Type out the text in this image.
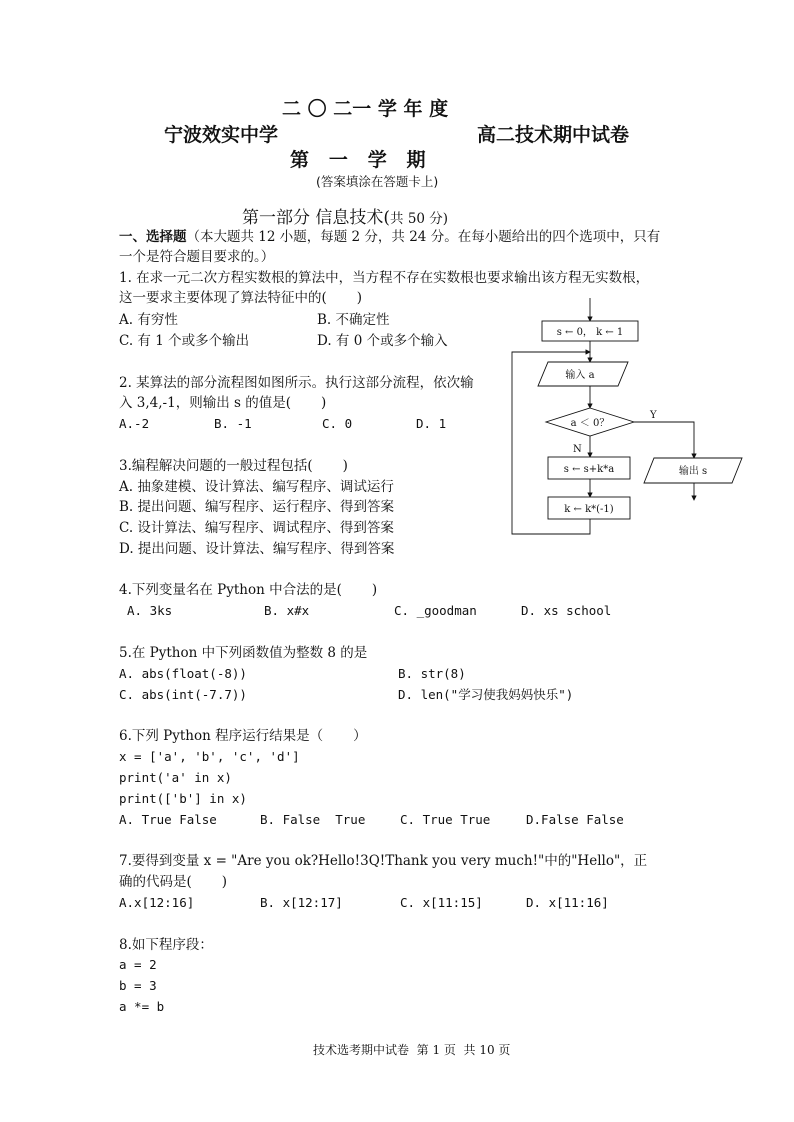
二 〇 二一 学 年 度
宁波效实中学	高二技术期中试卷
第   一   学   期
(答案填涂在答题卡上)
第一部分 信息技术(共 50 分)
一、选择题（本大题共 12 小题，每题 2 分，共 24 分。在每小题给出的四个选项中，只有
一个是符合题目要求的。）
1. 在求一元二次方程实数根的算法中，当方程不存在实数根也要求输出该方程无实数根，
这一要求主要体现了算法特征中的(       )
A. 有穷性	B. 不确定性
C. 有 1 个或多个输出	D. 有 0 个或多个输入
2. 某算法的部分流程图如图所示。执行这部分流程，依次输
入 3,4,-1，则输出 s 的值是(       )
A.-2	B. -1	C. 0	D. 1
s ← 0， k ← 1
输入 a
a ＜ 0？
Y
N
s ← s+k*a
k ← k*(-1)
输出 s
3.编程解决问题的一般过程包括(       )
A. 抽象建模、设计算法、编写程序、调试运行
B. 提出问题、编写程序、运行程序、得到答案
C. 设计算法、编写程序、调试程序、得到答案
D. 提出问题、设计算法、编写程序、得到答案
4.下列变量名在 Python 中合法的是(       )
A. 3ks	B. x#x	C. _goodman	D. xs school
5.在 Python 中下列函数值为整数 8 的是
A. abs(float(-8))	B. str(8)
C. abs(int(-7.7))	D. len("学习使我妈妈快乐")
6.下列 Python 程序运行结果是（       ）
x = ['a', 'b', 'c', 'd']
print('a' in x)
print(['b'] in x)
A. True False	B. False  True	C. True True	D.False False
7.要得到变量 x = "Are you ok?Hello!3Q!Thank you very much!"中的"Hello"，正
确的代码是(       )
A.x[12:16]	B. x[12:17]	C. x[11:15]	D. x[11:16]
8.如下程序段：
a = 2
b = 3
a *= b
技术选考期中试卷  第 1 页  共 10 页
